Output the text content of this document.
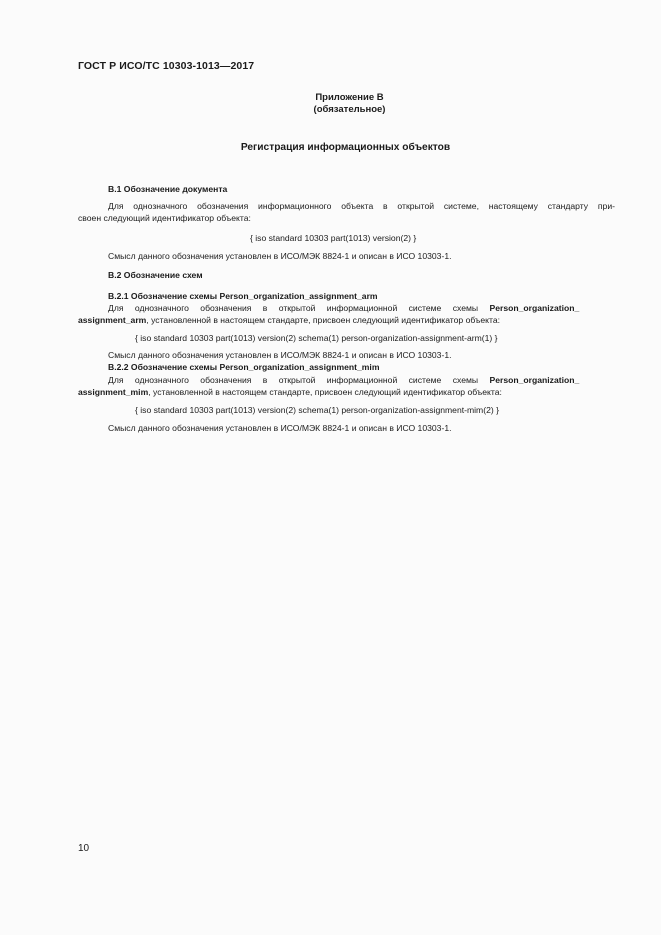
ГОСТ Р ИСО/ТС 10303-1013—2017
Приложение В
(обязательное)
Регистрация информационных объектов
В.1 Обозначение документа
Для однозначного обозначения информационного объекта в открытой системе, настоящему стандарту при-
своен следующий идентификатор объекта:
{ iso standard 10303 part(1013) version(2) }
Смысл данного обозначения установлен в ИСО/МЭК 8824-1 и описан в ИСО 10303-1.
В.2 Обозначение схем
В.2.1 Обозначение схемы Person_organization_assignment_arm
Для однозначного обозначения в открытой информационной системе схемы Person_organization_
assignment_arm, установленной в настоящем стандарте, присвоен следующий идентификатор объекта:
{ iso standard 10303 part(1013) version(2) schema(1) person-organization-assignment-arm(1) }
Смысл данного обозначения установлен в ИСО/МЭК 8824-1 и описан в ИСО 10303-1.
В.2.2 Обозначение схемы Person_organization_assignment_mim
Для однозначного обозначения в открытой информационной системе схемы Person_organization_
assignment_mim, установленной в настоящем стандарте, присвоен следующий идентификатор объекта:
{ iso standard 10303 part(1013) version(2) schema(1) person-organization-assignment-mim(2) }
Смысл данного обозначения установлен в ИСО/МЭК 8824-1 и описан в ИСО 10303-1.
10
